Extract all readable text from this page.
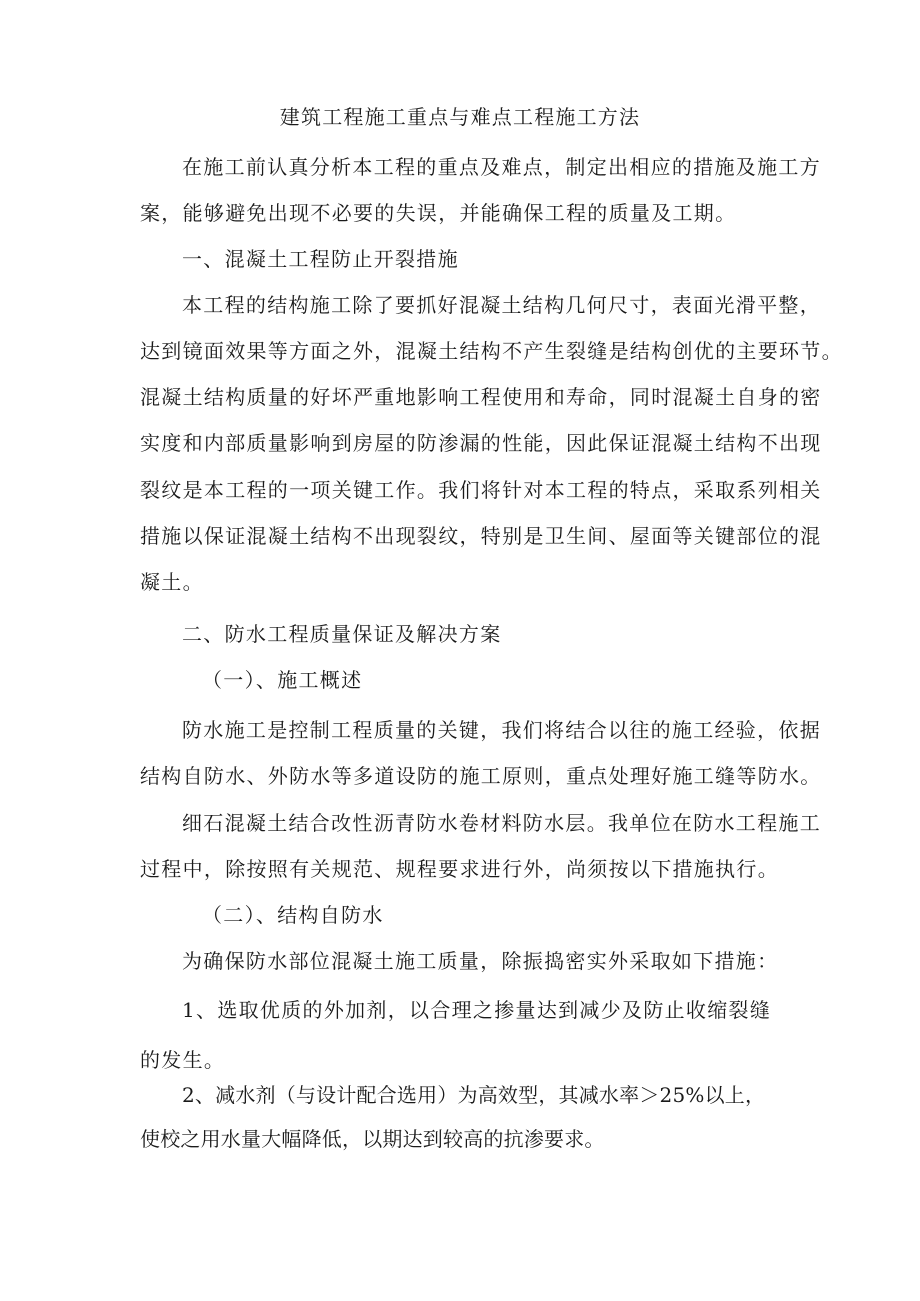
建筑工程施工重点与难点工程施工方法

在施工前认真分析本工程的重点及难点，制定出相应的措施及施工方

案，能够避免出现不必要的失误，并能确保工程的质量及工期。

一、混凝土工程防止开裂措施

本工程的结构施工除了要抓好混凝土结构几何尺寸，表面光滑平整，

达到镜面效果等方面之外，混凝土结构不产生裂缝是结构创优的主要环节。

混凝土结构质量的好坏严重地影响工程使用和寿命，同时混凝土自身的密

实度和内部质量影响到房屋的防渗漏的性能，因此保证混凝土结构不出现

裂纹是本工程的一项关键工作。我们将针对本工程的特点，采取系列相关

措施以保证混凝土结构不出现裂纹，特别是卫生间、屋面等关键部位的混

凝土。

二、防水工程质量保证及解决方案

（一）、施工概述

防水施工是控制工程质量的关键，我们将结合以往的施工经验，依据

结构自防水、外防水等多道设防的施工原则，重点处理好施工缝等防水。

细石混凝土结合改性沥青防水卷材料防水层。我单位在防水工程施工

过程中，除按照有关规范、规程要求进行外，尚须按以下措施执行。

（二）、结构自防水

为确保防水部位混凝土施工质量，除振捣密实外采取如下措施：

1、选取优质的外加剂，以合理之掺量达到减少及防止收缩裂缝

的发生。

2、减水剂（与设计配合选用）为高效型，其减水率＞25%以上，

使校之用水量大幅降低，以期达到较高的抗渗要求。
